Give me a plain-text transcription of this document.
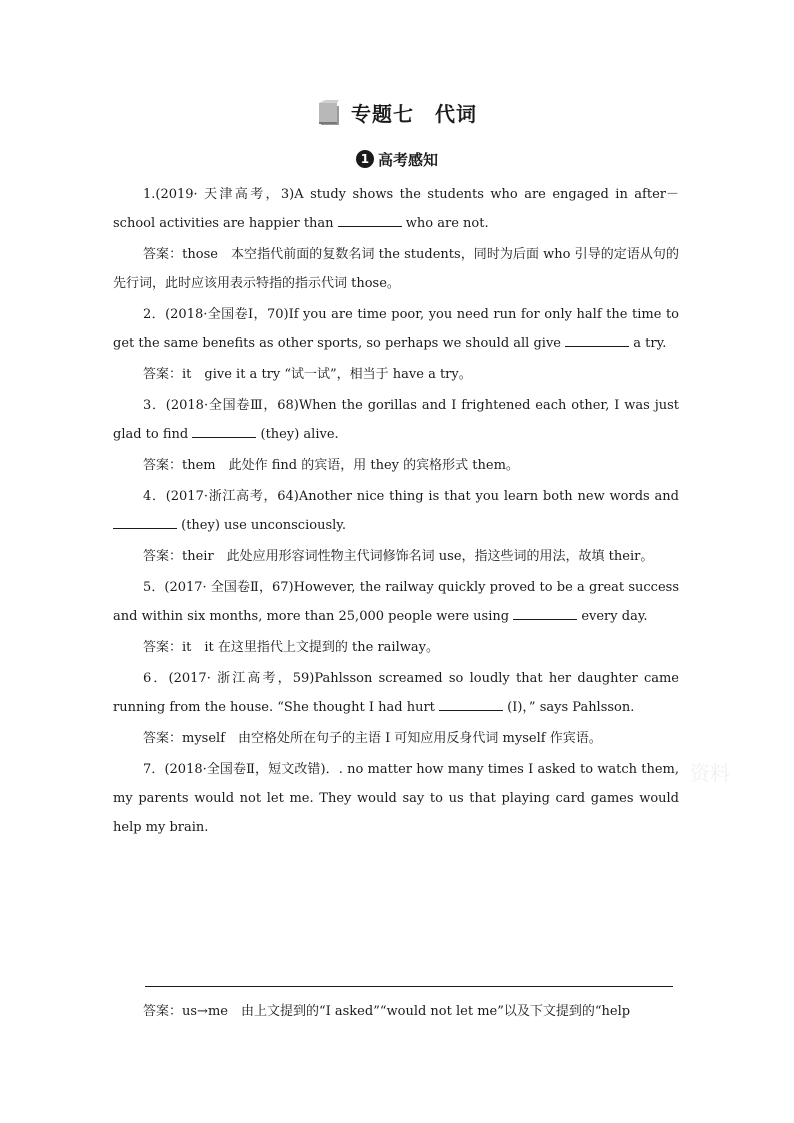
专题七　代词
1 高考感知

1.(2019· 天津高考，3)A study shows the students who are engaged in after－school activities are happier than	who are not.

答案：those　本空指代前面的复数名词 the students，同时为后面 who 引导的定语从句的先行词，此时应该用表示特指的指示代词 those。

2．(2018·全国卷Ⅰ，70)If you are time poor, you need run for only half the time to get the same benefits as other sports, so perhaps we should all give	a try.

答案：it　give it a try “试一试”，相当于 have a try。

3．(2018·全国卷Ⅲ，68)When the gorillas and I frightened each other, I was just glad to find	(they) alive.

答案：them　此处作 find 的宾语，用 they 的宾格形式 them。

4．(2017·浙江高考，64)Another nice thing is that you learn both new words and  (they) use unconsciously.

答案：their　此处应用形容词性物主代词修饰名词 use，指这些词的用法，故填 their。

5．(2017· 全国卷Ⅱ，67)However, the railway quickly proved to be a great success and within six months, more than 25,000 people were using	every day.

答案：it　it 在这里指代上文提到的 the railway。

6．(2017· 浙江高考，59)Pahlsson screamed so loudly that her daughter came running from the house. “She thought I had hurt	(I)，” says Pahlsson.

答案：myself　由空格处所在句子的主语 I 可知应用反身代词 myself 作宾语。

7．(2018·全国卷Ⅱ，短文改错)．. no matter how many times I asked to watch them, my parents would not let me. They would say to us that playing card games would help my brain.

答案：us→me　由上文提到的“I asked”“would not let me”以及下文提到的“help
资料
